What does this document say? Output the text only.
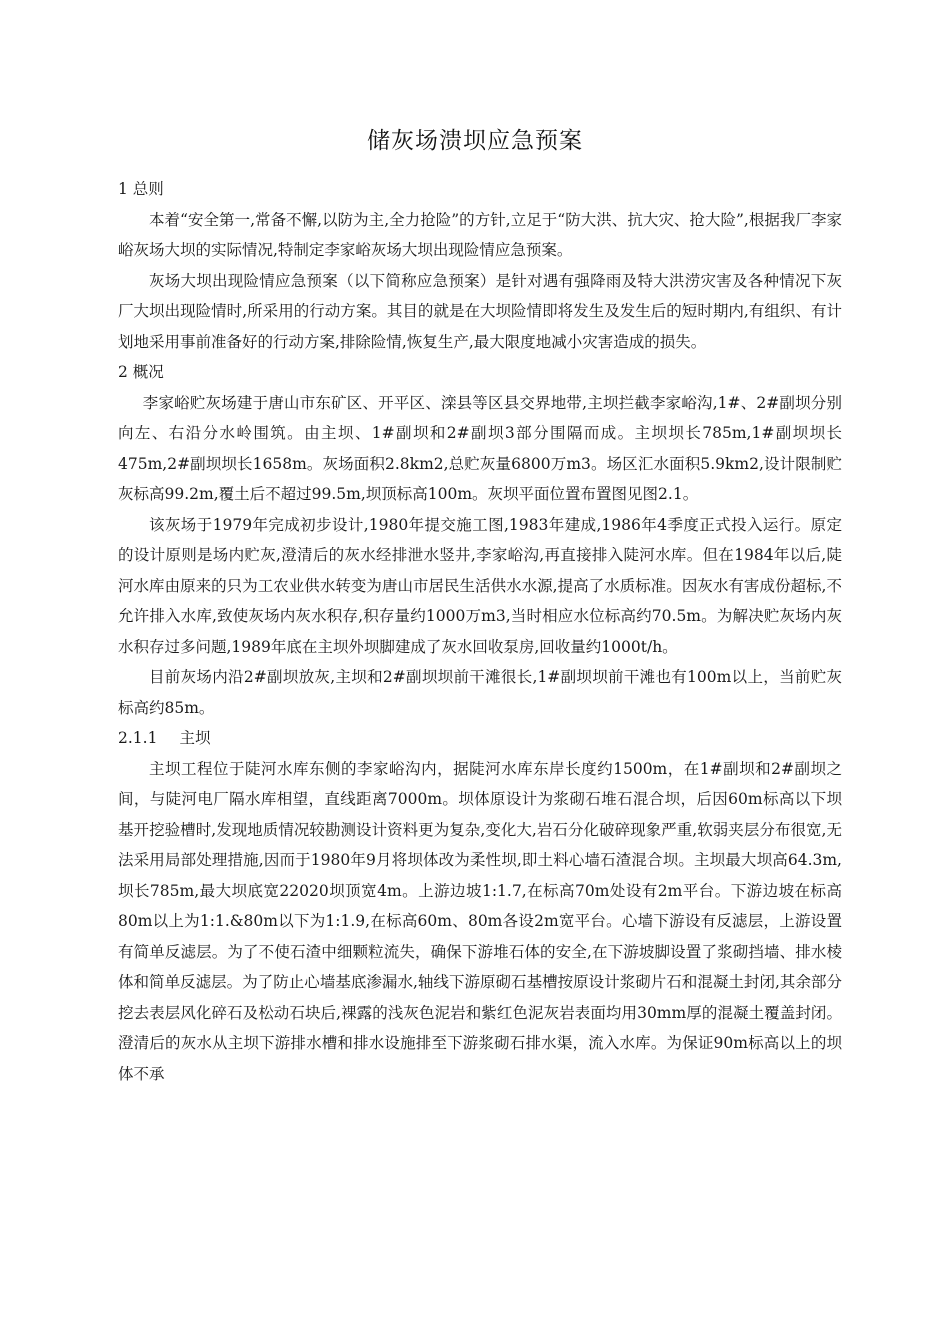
储灰场溃坝应急预案

1 总则

本着“安全第一,常备不懈,以防为主,全力抢险”的方针,立足于“防大洪、抗大灾、抢大险”,根据我厂李家峪灰场大坝的实际情况,特制定李家峪灰场大坝出现险情应急预案。

灰场大坝出现险情应急预案（以下简称应急预案）是针对遇有强降雨及特大洪涝灾害及各种情况下灰厂大坝出现险情时,所采用的行动方案。其目的就是在大坝险情即将发生及发生后的短时期内,有组织、有计划地采用事前准备好的行动方案,排除险情,恢复生产,最大限度地减小灾害造成的损失。

2 概况

李家峪贮灰场建于唐山市东矿区、开平区、滦县等区县交界地带,主坝拦截李家峪沟,1#、2#副坝分别向左、右沿分水岭围筑。由主坝、1#副坝和2#副坝3部分围隔而成。主坝坝长785m,1#副坝坝长475m,2#副坝坝长1658m。灰场面积2.8km2,总贮灰量6800万m3。场区汇水面积5.9km2,设计限制贮灰标高99.2m,覆土后不超过99.5m,坝顶标高100m。灰坝平面位置布置图见图2.1。

该灰场于1979年完成初步设计,1980年提交施工图,1983年建成,1986年4季度正式投入运行。原定的设计原则是场内贮灰,澄清后的灰水经排泄水竖井,李家峪沟,再直接排入陡河水库。但在1984年以后,陡河水库由原来的只为工农业供水转变为唐山市居民生活供水水源,提高了水质标准。因灰水有害成份超标,不允许排入水库,致使灰场内灰水积存,积存量约1000万m3,当时相应水位标高约70.5m。为解决贮灰场内灰水积存过多问题,1989年底在主坝外坝脚建成了灰水回收泵房,回收量约1000t/h。

目前灰场内沿2#副坝放灰,主坝和2#副坝坝前干滩很长,1#副坝坝前干滩也有100m以上，当前贮灰标高约85m。

2.1.1 主坝

主坝工程位于陡河水库东侧的李家峪沟内，据陡河水库东岸长度约1500m，在1#副坝和2#副坝之间，与陡河电厂隔水库相望，直线距离7000m。坝体原设计为浆砌石堆石混合坝，后因60m标高以下坝基开挖验槽时,发现地质情况较勘测设计资料更为复杂,变化大,岩石分化破碎现象严重,软弱夹层分布很宽,无法采用局部处理措施,因而于1980年9月将坝体改为柔性坝,即土料心墙石渣混合坝。主坝最大坝高64.3m,坝长785m,最大坝底宽22020坝顶宽4m。上游边坡1:1.7,在标高70m处设有2m平台。下游边坡在标高80m以上为1:1.&80m以下为1:1.9,在标高60m、80m各设2m宽平台。心墙下游设有反滤层，上游设置有简单反滤层。为了不使石渣中细颗粒流失，确保下游堆石体的安全,在下游坡脚设置了浆砌挡墙、排水棱体和简单反滤层。为了防止心墙基底渗漏水,轴线下游原砌石基槽按原设计浆砌片石和混凝土封闭,其余部分挖去表层风化碎石及松动石块后,裸露的浅灰色泥岩和紫红色泥灰岩表面均用30mm厚的混凝土覆盖封闭。澄清后的灰水从主坝下游排水槽和排水设施排至下游浆砌石排水渠，流入水库。为保证90m标高以上的坝体不承
